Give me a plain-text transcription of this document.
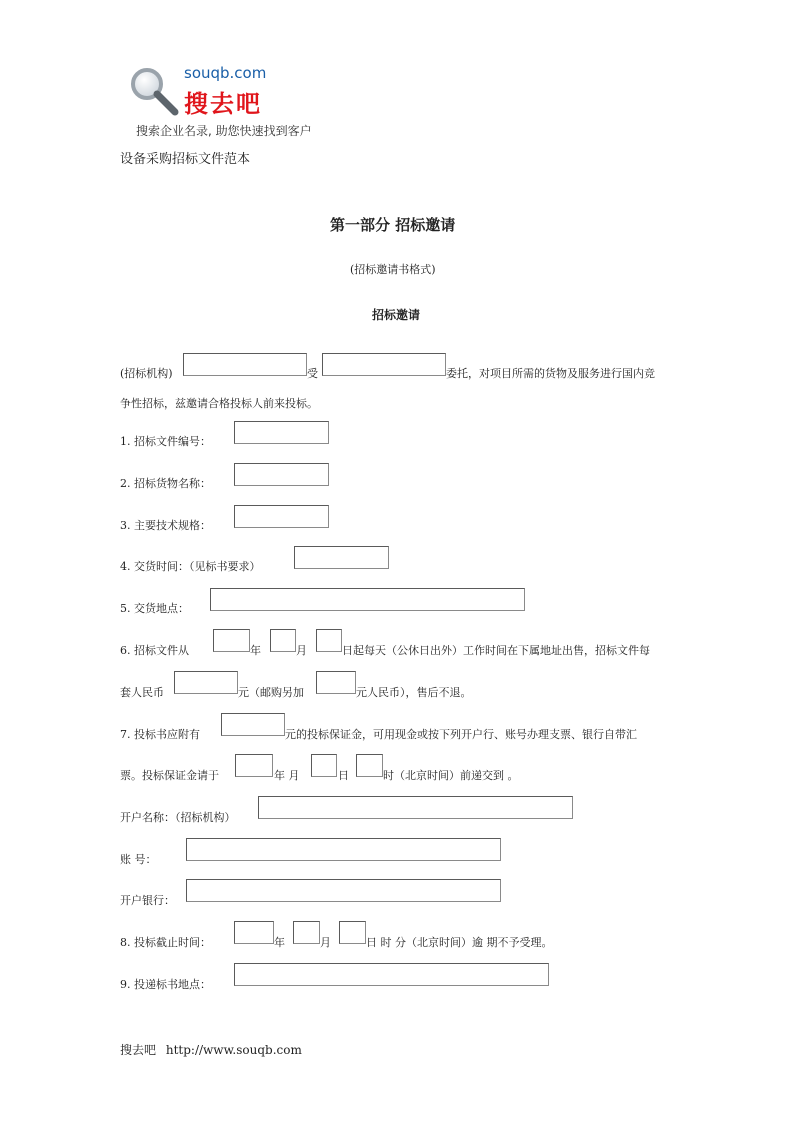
souqb.com
搜去吧
搜索企业名录, 助您快速找到客户
设备采购招标文件范本
第一部分 招标邀请
(招标邀请书格式)
招标邀请
(招标机构)	受	委托，对项目所需的货物及服务进行国内竞
争性招标，兹邀请合格投标人前来投标。
1. 招标文件编号：
2. 招标货物名称：
3. 主要技术规格：
4. 交货时间：（见标书要求）
5. 交货地点：
6. 招标文件从	年	月	日起每天（公休日出外）工作时间在下属地址出售，招标文件每
套人民币	元（邮购另加	元人民币），售后不退。
7. 投标书应附有	元的投标保证金，可用现金或按下列开户行、账号办理支票、银行自带汇
票。投标保证金请于	年 月	日	时（北京时间）前递交到 。
开户名称：（招标机构）
账 号：
开户银行：
8. 投标截止时间：	年	月	日 时 分（北京时间）逾 期不予受理。
9. 投递标书地点：
搜去吧 http://www.souqb.com
